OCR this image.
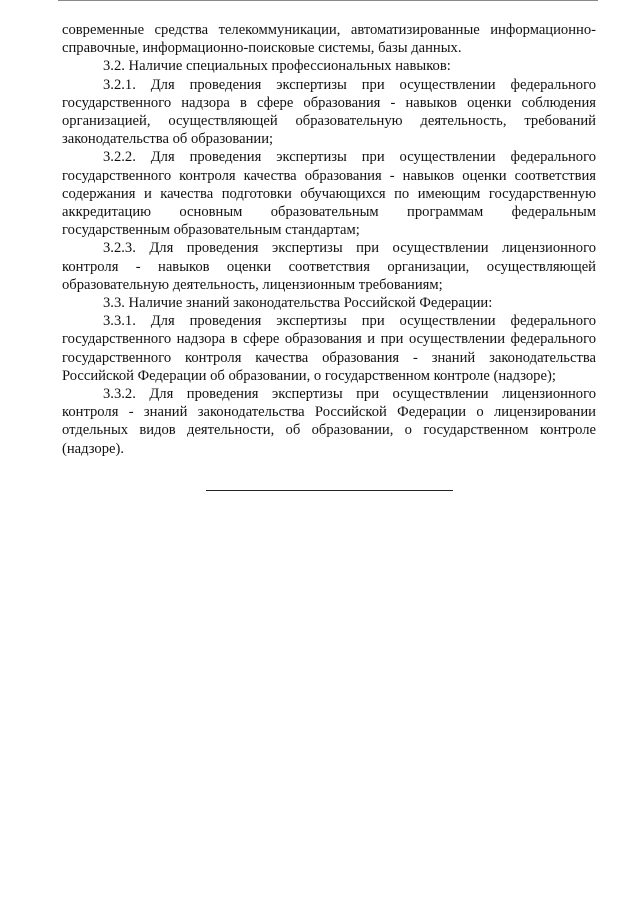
современные средства телекоммуникации, автоматизированные информационно-справочные, информационно-поисковые системы, базы данных.

3.2. Наличие специальных профессиональных навыков:

3.2.1. Для проведения экспертизы при осуществлении федерального государственного надзора в сфере образования - навыков оценки соблюдения организацией, осуществляющей образовательную деятельность, требований законодательства об образовании;

3.2.2. Для проведения экспертизы при осуществлении федерального государственного контроля качества образования - навыков оценки соответствия содержания и качества подготовки обучающихся по имеющим государственную аккредитацию основным образовательным программам федеральным государственным образовательным стандартам;

3.2.3. Для проведения экспертизы при осуществлении лицензионного контроля - навыков оценки соответствия организации, осуществляющей образовательную деятельность, лицензионным требованиям;

3.3. Наличие знаний законодательства Российской Федерации:

3.3.1. Для проведения экспертизы при осуществлении федерального государственного надзора в сфере образования и при осуществлении федерального государственного контроля качества образования - знаний законодательства Российской Федерации об образовании, о государственном контроле (надзоре);

3.3.2. Для проведения экспертизы при осуществлении лицензионного контроля - знаний законодательства Российской Федерации о лицензировании отдельных видов деятельности, об образовании, о государственном контроле (надзоре).
